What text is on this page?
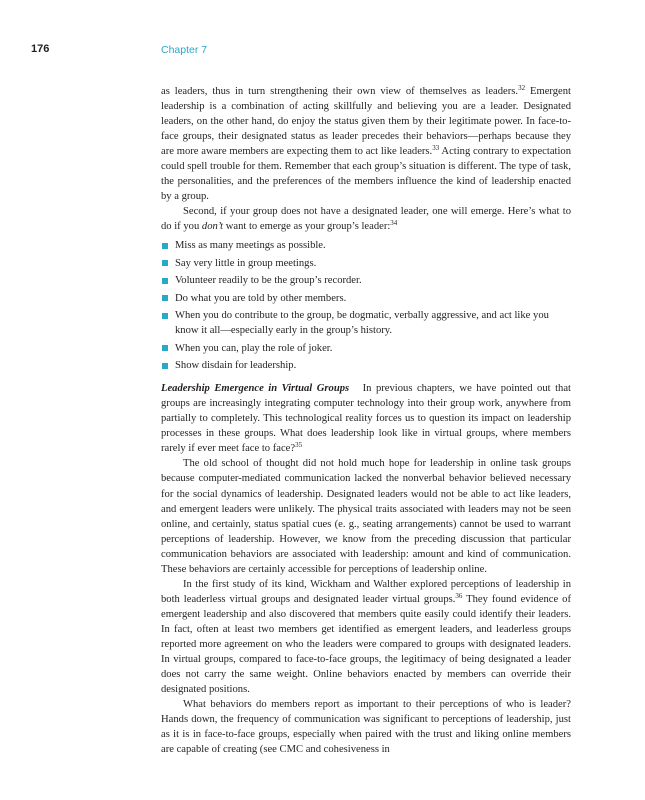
176	Chapter 7

as leaders, thus in turn strengthening their own view of themselves as leaders.$^{32}$ Emergent leadership is a combination of acting skillfully and believing you are a leader. Designated leaders, on the other hand, do enjoy the status given them by their legitimate power. In face-to-face groups, their designated status as leader precedes their behaviors—perhaps because they are more aware members are expecting them to act like leaders.$^{33}$ Acting contrary to expectation could spell trouble for them. Remember that each group’s situation is different. The type of task, the personalities, and the preferences of the members influence the kind of leadership enacted by a group.

Second, if your group does not have a designated leader, one will emerge. Here’s what to do if you don’t want to emerge as your group’s leader:$^{34}$

Miss as many meetings as possible.
Say very little in group meetings.
Volunteer readily to be the group’s recorder.
Do what you are told by other members.
When you do contribute to the group, be dogmatic, verbally aggressive, and act like you know it all—especially early in the group’s history.
When you can, play the role of joker.
Show disdain for leadership.

Leadership Emergence in Virtual Groups In previous chapters, we have pointed out that groups are increasingly integrating computer technology into their group work, anywhere from partially to completely. This technological reality forces us to question its impact on leadership processes in these groups. What does leadership look like in virtual groups, where members rarely if ever meet face to face?$^{35}$

The old school of thought did not hold much hope for leadership in online task groups because computer-mediated communication lacked the nonverbal behavior believed necessary for the social dynamics of leadership. Designated leaders would not be able to act like leaders, and emergent leaders were unlikely. The physical traits associated with leaders may not be seen online, and certainly, status spatial cues (e. g., seating arrangements) cannot be used to warrant perceptions of leadership. However, we know from the preceding discussion that particular communication behaviors are associated with leadership: amount and kind of communication. These behaviors are certainly accessible for perceptions of leadership online.

In the first study of its kind, Wickham and Walther explored perceptions of leadership in both leaderless virtual groups and designated leader virtual groups.$^{36}$ They found evidence of emergent leadership and also discovered that members quite easily could identify their leaders. In fact, often at least two members get identified as emergent leaders, and leaderless groups reported more agreement on who the leaders were compared to groups with designated leaders. In virtual groups, compared to face-to-face groups, the legitimacy of being designated a leader does not carry the same weight. Online behaviors enacted by members can override their designated positions.

What behaviors do members report as important to their perceptions of who is leader? Hands down, the frequency of communication was significant to perceptions of leadership, just as it is in face-to-face groups, especially when paired with the trust and liking online members are capable of creating (see CMC and cohesiveness in
